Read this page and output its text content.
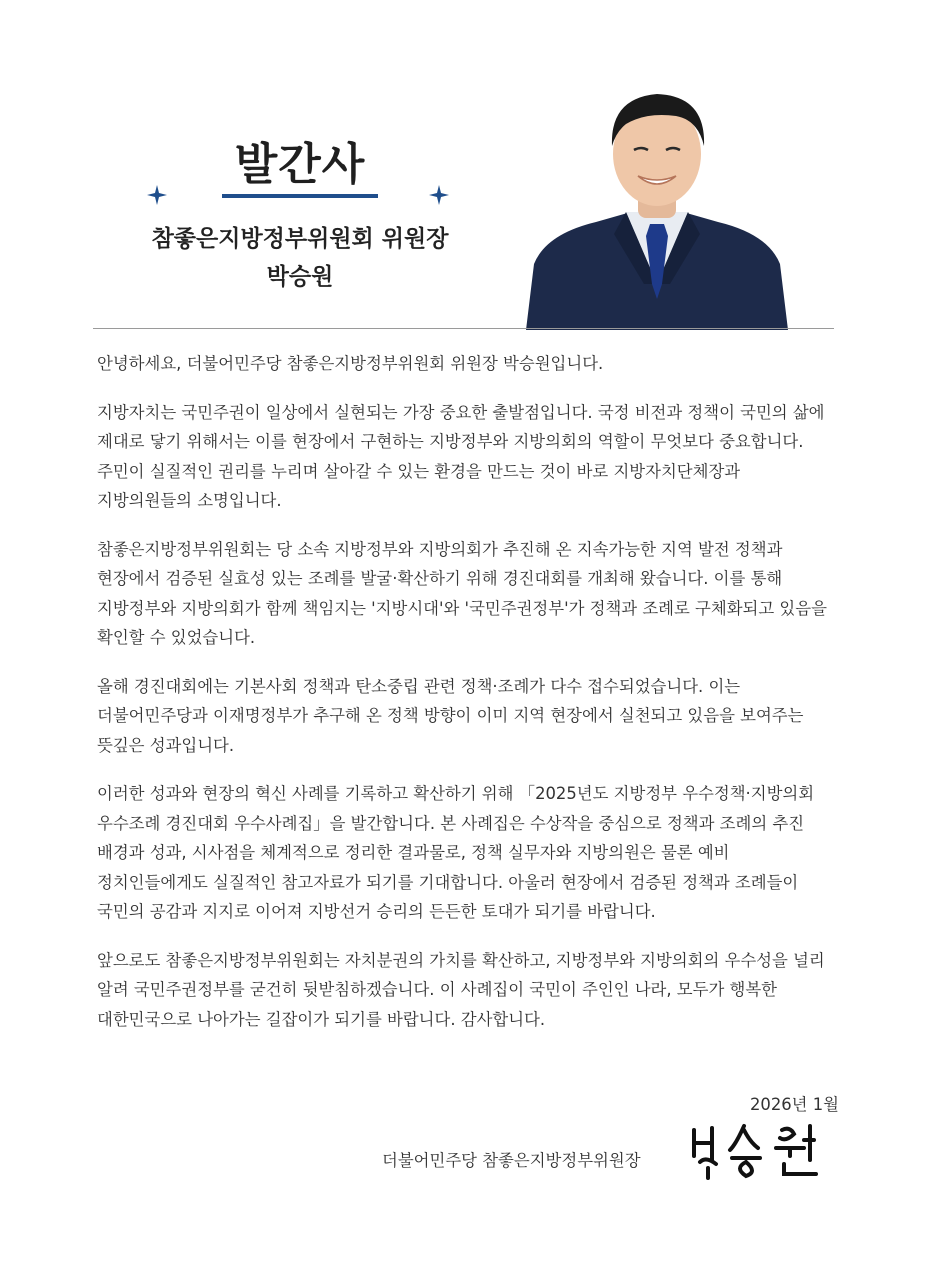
발간사
참좋은지방정부위원회 위원장
박승원

안녕하세요, 더불어민주당 참좋은지방정부위원회 위원장 박승원입니다.

지방자치는 국민주권이 일상에서 실현되는 가장 중요한 출발점입니다. 국정 비전과 정책이 국민의 삶에 제대로 닿기 위해서는 이를 현장에서 구현하는 지방정부와 지방의회의 역할이 무엇보다 중요합니다. 주민이 실질적인 권리를 누리며 살아갈 수 있는 환경을 만드는 것이 바로 지방자치단체장과 지방의원들의 소명입니다.

참좋은지방정부위원회는 당 소속 지방정부와 지방의회가 추진해 온 지속가능한 지역 발전 정책과 현장에서 검증된 실효성 있는 조례를 발굴·확산하기 위해 경진대회를 개최해 왔습니다. 이를 통해 지방정부와 지방의회가 함께 책임지는 '지방시대'와 '국민주권정부'가 정책과 조례로 구체화되고 있음을 확인할 수 있었습니다.

올해 경진대회에는 기본사회 정책과 탄소중립 관련 정책·조례가 다수 접수되었습니다. 이는 더불어민주당과 이재명정부가 추구해 온 정책 방향이 이미 지역 현장에서 실천되고 있음을 보여주는 뜻깊은 성과입니다.

이러한 성과와 현장의 혁신 사례를 기록하고 확산하기 위해 「2025년도 지방정부 우수정책·지방의회 우수조례 경진대회 우수사례집」을 발간합니다. 본 사례집은 수상작을 중심으로 정책과 조례의 추진 배경과 성과, 시사점을 체계적으로 정리한 결과물로, 정책 실무자와 지방의원은 물론 예비 정치인들에게도 실질적인 참고자료가 되기를 기대합니다. 아울러 현장에서 검증된 정책과 조례들이 국민의 공감과 지지로 이어져 지방선거 승리의 든든한 토대가 되기를 바랍니다.

앞으로도 참좋은지방정부위원회는 자치분권의 가치를 확산하고, 지방정부와 지방의회의 우수성을 널리 알려 국민주권정부를 굳건히 뒷받침하겠습니다. 이 사례집이 국민이 주인인 나라, 모두가 행복한 대한민국으로 나아가는 길잡이가 되기를 바랍니다. 감사합니다.

2026년 1월
더불어민주당 참좋은지방정부위원장
